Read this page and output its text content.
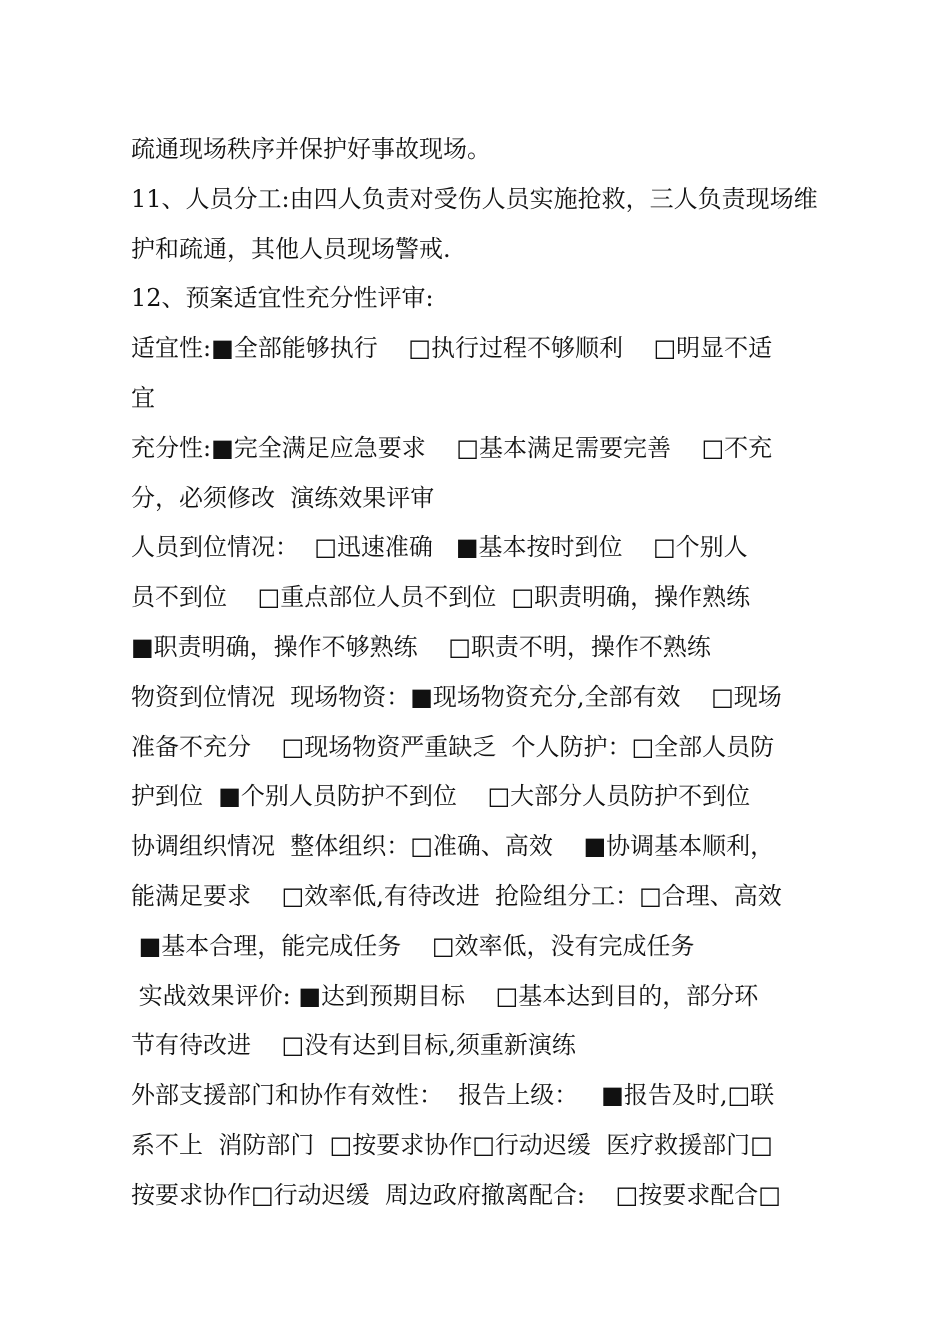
疏通现场秩序并保护好事故现场。
11、人员分工:由四人负责对受伤人员实施抢救，三人负责现场维
护和疏通，其他人员现场警戒.
12、预案适宜性充分性评审:
适宜性:■全部能够执行    □执行过程不够顺利    □明显不适
宜
充分性:■完全满足应急要求    □基本满足需要完善    □不充
分，必须修改  演练效果评审
人员到位情况：  □迅速准确   ■基本按时到位    □个别人
员不到位    □重点部位人员不到位  □职责明确，操作熟练
■职责明确，操作不够熟练    □职责不明，操作不熟练
物资到位情况  现场物资：■现场物资充分,全部有效    □现场
准备不充分    □现场物资严重缺乏  个人防护：□全部人员防
护到位  ■个别人员防护不到位    □大部分人员防护不到位
协调组织情况  整体组织：□准确、高效    ■协调基本顺利，
能满足要求    □效率低,有待改进  抢险组分工：□合理、高效
■基本合理，能完成任务    □效率低，没有完成任务
实战效果评价: ■达到预期目标    □基本达到目的，部分环
节有待改进    □没有达到目标,须重新演练
外部支援部门和协作有效性：  报告上级：   ■报告及时,□联
系不上  消防部门  □按要求协作□行动迟缓  医疗救援部门□
按要求协作□行动迟缓  周边政府撤离配合:    □按要求配合□
